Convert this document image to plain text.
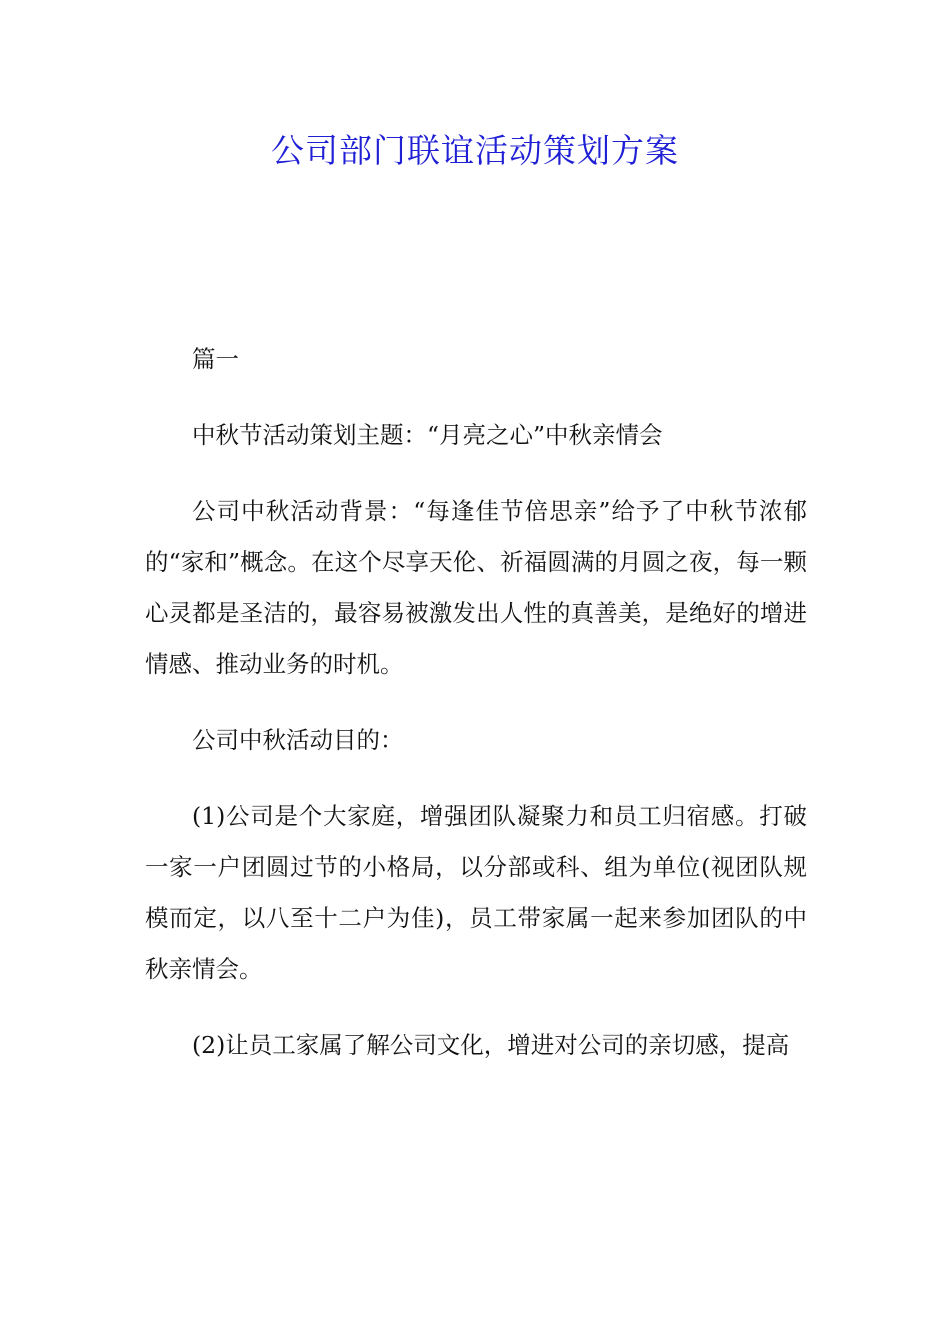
公司部门联谊活动策划方案

篇一

中秋节活动策划主题：“月亮之心”中秋亲情会

公司中秋活动背景：“每逢佳节倍思亲”给予了中秋节浓郁的“家和”概念。在这个尽享天伦、祈福圆满的月圆之夜，每一颗心灵都是圣洁的，最容易被激发出人性的真善美，是绝好的增进情感、推动业务的时机。

公司中秋活动目的：

(1)公司是个大家庭，增强团队凝聚力和员工归宿感。打破一家一户团圆过节的小格局，以分部或科、组为单位(视团队规模而定，以八至十二户为佳)，员工带家属一起来参加团队的中秋亲情会。

(2)让员工家属了解公司文化，增进对公司的亲切感，提高
